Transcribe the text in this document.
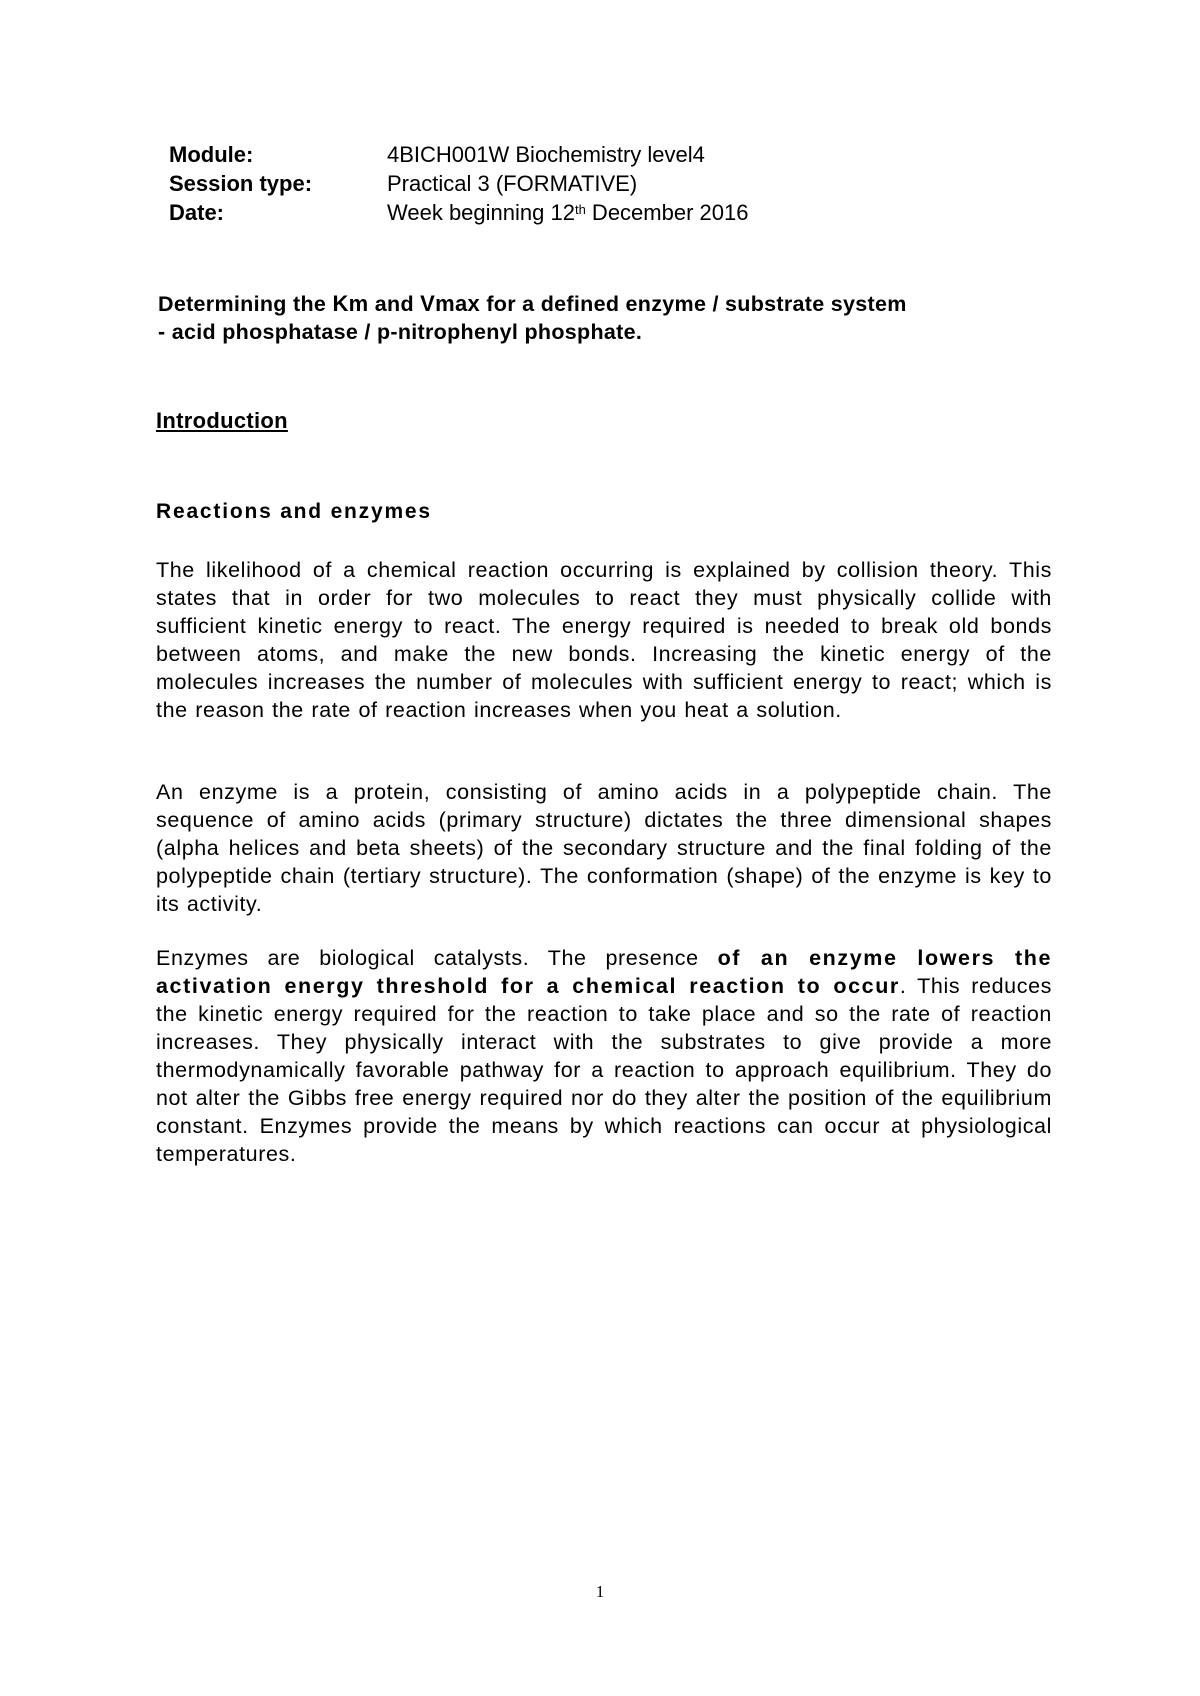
Module:	4BICH001W Biochemistry level4
Session type:	Practical 3 (FORMATIVE)
Date:	Week beginning 12th December 2016
Determining the Km and Vmax for a defined enzyme / substrate system
- acid phosphatase / p-nitrophenyl phosphate.
Introduction
Reactions and enzymes
The likelihood of a chemical reaction occurring is explained by collision theory. This states that in order for two molecules to react they must physically collide with sufficient kinetic energy to react. The energy required is needed to break old bonds between atoms, and make the new bonds. Increasing the kinetic energy of the molecules increases the number of molecules with sufficient energy to react; which is the reason the rate of reaction increases when you heat a solution.
An enzyme is a protein, consisting of amino acids in a polypeptide chain. The sequence of amino acids (primary structure) dictates the three dimensional shapes (alpha helices and beta sheets) of the secondary structure and the final folding of the polypeptide chain (tertiary structure). The conformation (shape) of the enzyme is key to its activity.
Enzymes are biological catalysts. The presence of an enzyme lowers the activation energy threshold for a chemical reaction to occur. This reduces the kinetic energy required for the reaction to take place and so the rate of reaction increases. They physically interact with the substrates to give provide a more thermodynamically favorable pathway for a reaction to approach equilibrium. They do not alter the Gibbs free energy required nor do they alter the position of the equilibrium constant. Enzymes provide the means by which reactions can occur at physiological temperatures.
1
